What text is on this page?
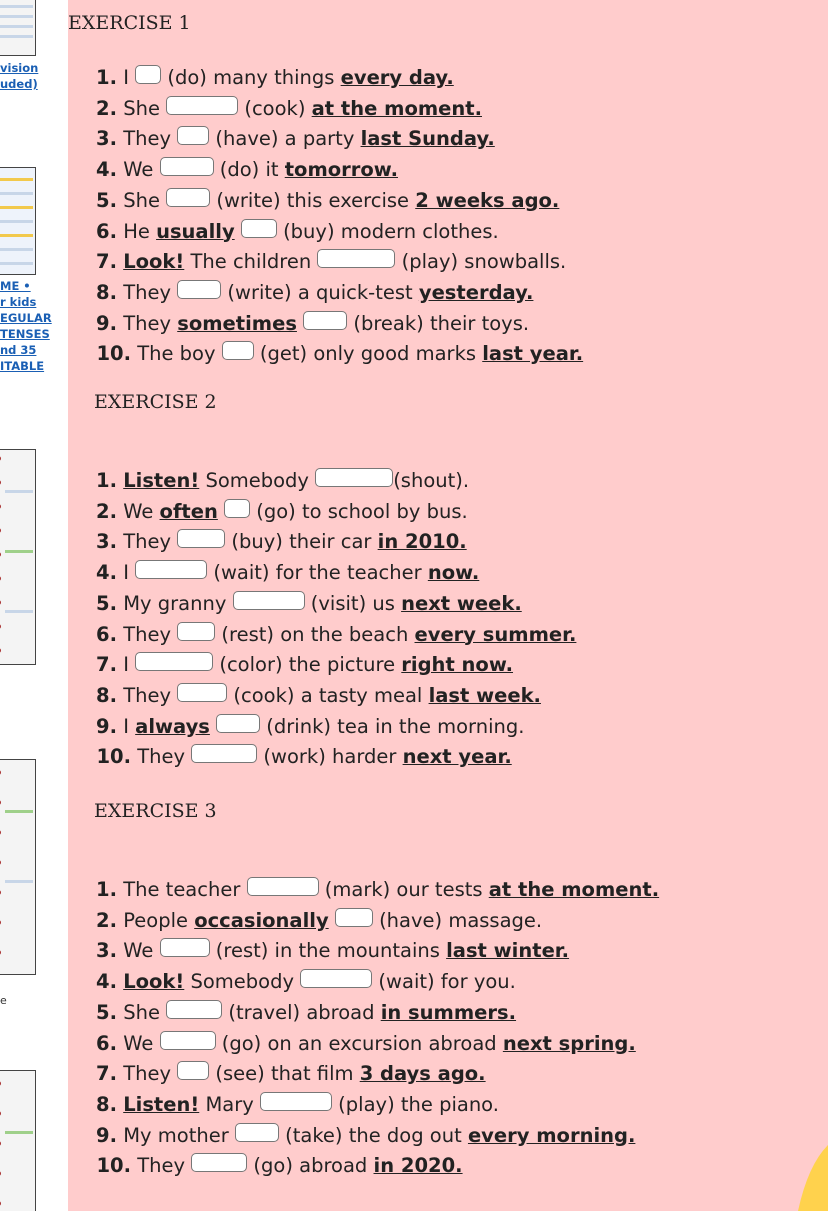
vision
uded)
ME •
r kids
EGULAR
TENSES
nd 35
ITABLE
e
EXERCISE 1
1. I  (do) many things every day.
2. She	(cook) at the moment.
3. They  (have) a party last Sunday.
4. We	(do) it tomorrow.
5. She  (write) this exercise 2 weeks ago.
6. He usually  (buy) modern clothes.
7. Look! The children	(play) snowballs.
8. They  (write) a quick-test yesterday.
9. They sometimes	(break) their toys.
10. The boy  (get) only good marks last year.
EXERCISE 2
1. Listen! Somebody	(shout).
2. We often  (go) to school by bus.
3. They  (buy) their car in 2010.
4. I	(wait) for the teacher now.
5. My granny	(visit) us next week.
6. They  (rest) on the beach every summer.
7. I	(color) the picture right now.
8. They	(cook) a tasty meal last week.
9. I always	(drink) tea in the morning.
10. They	(work) harder next year.
EXERCISE 3
1. The teacher	(mark) our tests at the moment.
2. People occasionally  (have) massage.
3. We	(rest) in the mountains last winter.
4. Look! Somebody	(wait) for you.
5. She	(travel) abroad in summers.
6. We	(go) on an excursion abroad next spring.
7. They  (see) that film 3 days ago.
8. Listen! Mary	(play) the piano.
9. My mother  (take) the dog out every morning.
10. They	(go) abroad in 2020.
